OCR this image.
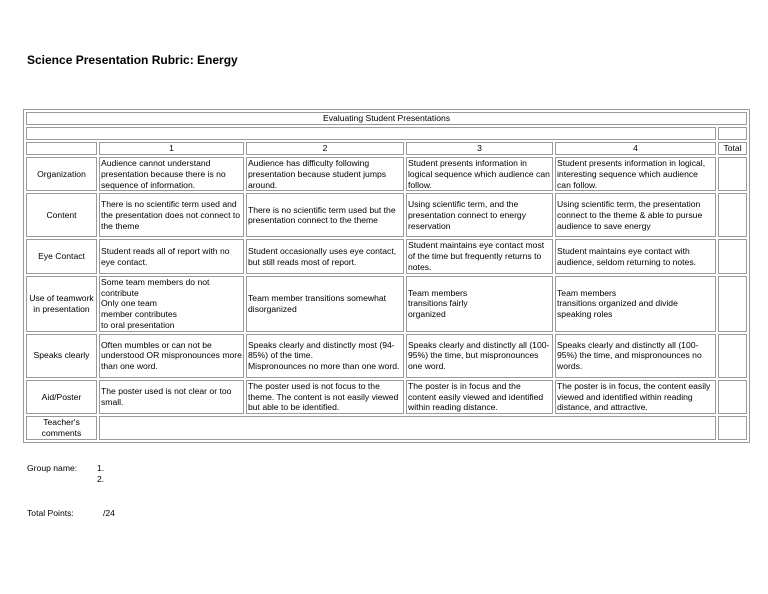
Science Presentation Rubric: Energy
Evaluating Student Presentations					

	1	2	3	4	Total
Organization	Audience cannot understand presentation because there is no sequence of information.	Audience has difficulty following presentation because student jumps around.	Student presents information in logical sequence which audience can follow.	Student presents information in logical, interesting sequence which audience can follow.	
Content	There is no scientific term used and the presentation does not connect to the theme	There is no scientific term used but the presentation connect to the theme	Using scientific term, and the presentation connect to energy reservation	Using scientific term, the presentation connect to the theme & able to pursue audience to save energy	
Eye Contact	Student reads all of report with no eye contact.	Student occasionally uses eye contact, but still reads most of report.	Student maintains eye contact most of the time but frequently returns to notes.	Student maintains eye contact with audience, seldom returning to notes.	
Use of teamwork in presentation	Some team members do not contribute
Only one team
member contributes
to oral presentation	Team member transitions somewhat disorganized	Team members
transitions fairly
organized	Team members
transitions organized and divide speaking roles	
Speaks clearly	Often mumbles or can not be understood OR mispronounces more than one word.	Speaks clearly and distinctly most (94-85%) of the time.
Mispronounces no more than one word.	Speaks clearly and distinctly all (100-95%) the time, but mispronounces one word.	Speaks clearly and distinctly all (100-95%) the time, and mispronounces no words.	
Aid/Poster	The poster used is not clear or too small.	The poster used is not focus to the theme. The content is not easily viewed but able to be identified.	The poster is in focus and the content easily viewed and identified within reading distance.	The poster is in focus, the content easily viewed and identified within reading distance, and attractive.	
Teacher's comments					
Group name: 1.
2.
Total Points:	/24
